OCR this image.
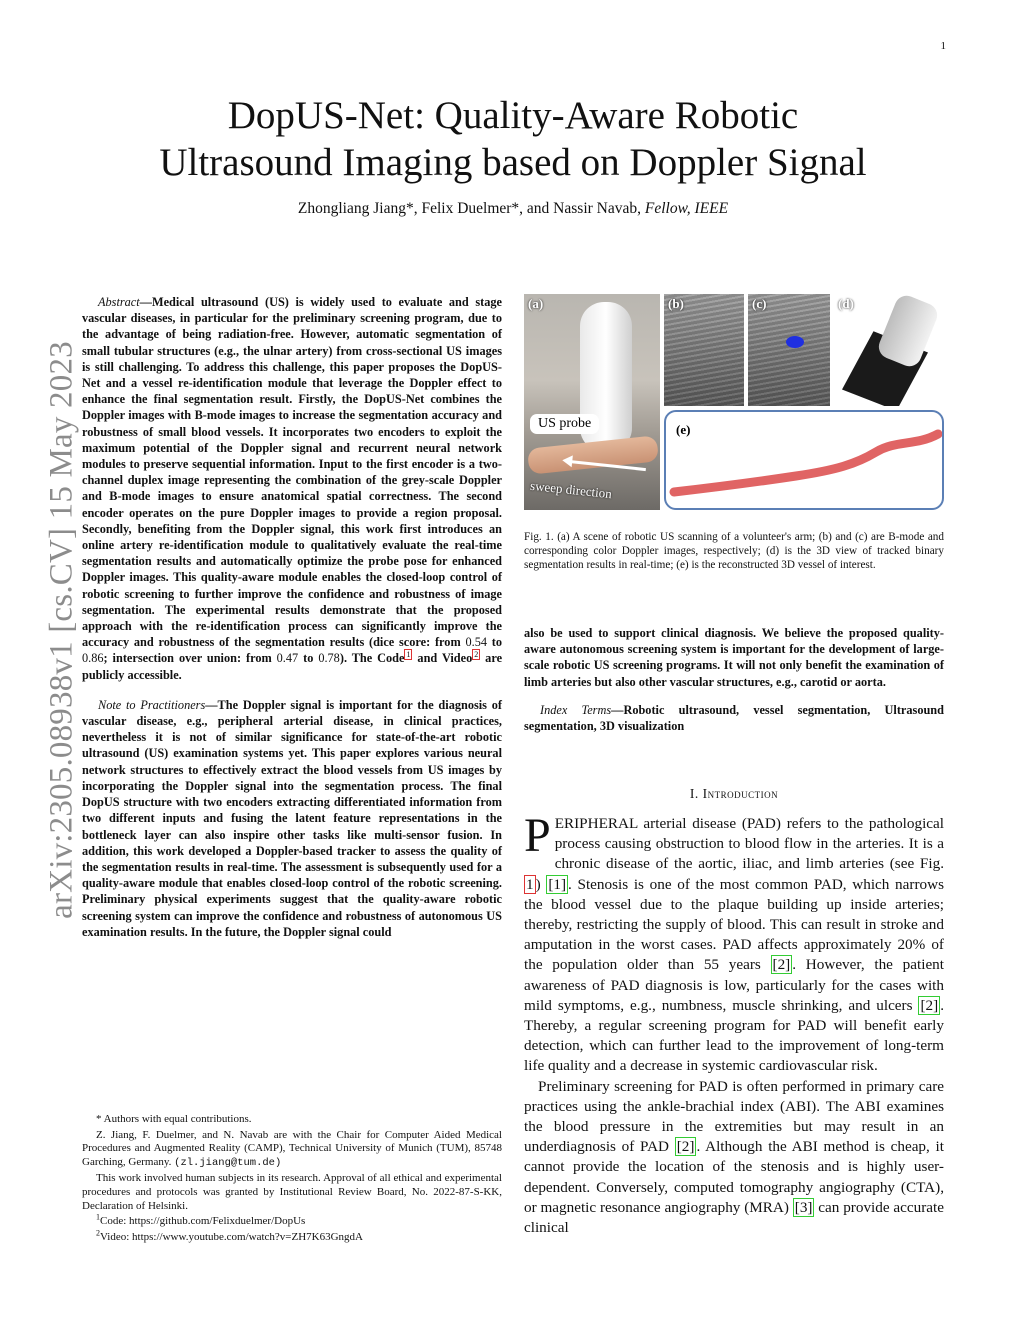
1
arXiv:2305.08938v1 [cs.CV] 15 May 2023
DopUS-Net: Quality-Aware Robotic
Ultrasound Imaging based on Doppler Signal
Zhongliang Jiang*, Felix Duelmer*, and Nassir Navab, Fellow, IEEE

Abstract—Medical ultrasound (US) is widely used to evaluate and stage vascular diseases, in particular for the preliminary screening program, due to the advantage of being radiation-free. However, automatic segmentation of small tubular structures (e.g., the ulnar artery) from cross-sectional US images is still challenging. To address this challenge, this paper proposes the DopUS-Net and a vessel re-identification module that leverage the Doppler effect to enhance the final segmentation result. Firstly, the DopUS-Net combines the Doppler images with B-mode images to increase the segmentation accuracy and robustness of small blood vessels. It incorporates two encoders to exploit the maximum potential of the Doppler signal and recurrent neural network modules to preserve sequential information. Input to the first encoder is a two-channel duplex image representing the combination of the grey-scale Doppler and B-mode images to ensure anatomical spatial correctness. The second encoder operates on the pure Doppler images to provide a region proposal. Secondly, benefiting from the Doppler signal, this work first introduces an online artery re-identification module to qualitatively evaluate the real-time segmentation results and automatically optimize the probe pose for enhanced Doppler images. This quality-aware module enables the closed-loop control of robotic screening to further improve the confidence and robustness of image segmentation. The experimental results demonstrate that the proposed approach with the re-identification process can significantly improve the accuracy and robustness of the segmentation results (dice score: from 0.54 to 0.86; intersection over union: from 0.47 to 0.78). The Code $^1$ and Video $^2$ are publicly accessible.

Note to Practitioners—The Doppler signal is important for the diagnosis of vascular disease, e.g., peripheral arterial disease, in clinical practices, nevertheless it is not of similar significance for state-of-the-art robotic ultrasound (US) examination systems yet. This paper explores various neural network structures to effectively extract the blood vessels from US images by incorporating the Doppler signal into the segmentation process. The final DopUS structure with two encoders extracting differentiated information from two different inputs and fusing the latent feature representations in the bottleneck layer can also inspire other tasks like multi-sensor fusion. In addition, this work developed a Doppler-based tracker to assess the quality of the segmentation results in real-time. The assessment is subsequently used for a quality-aware module that enables closed-loop control of the robotic screening. Preliminary physical experiments suggest that the quality-aware robotic screening system can improve the confidence and robustness of autonomous US examination results. In the future, the Doppler signal could

* Authors with equal contributions.

Z. Jiang, F. Duelmer, and N. Navab are with the Chair for Computer Aided Medical Procedures and Augmented Reality (CAMP), Technical University of Munich (TUM), 85748 Garching, Germany. (zl.jiang@tum.de)

This work involved human subjects in its research. Approval of all ethical and experimental procedures and protocols was granted by Institutional Review Board, No. 2022-87-S-KK, Declaration of Helsinki.

$^1$Code: https://github.com/Felixduelmer/DopUs

$^2$Video: https://www.youtube.com/watch?v=ZH7K63GngdA

US probe
sweep direction
(a)	(b)	(c)	(d)
(e)
Fig. 1. (a) A scene of robotic US scanning of a volunteer's arm; (b) and (c) are B-mode and corresponding color Doppler images, respectively; (d) is the 3D view of tracked binary segmentation results in real-time; (e) is the reconstructed 3D vessel of interest.

also be used to support clinical diagnosis. We believe the proposed quality-aware autonomous screening system is important for the development of large-scale robotic US screening programs. It will not only benefit the examination of limb arteries but also other vascular structures, e.g., carotid or aorta.

Index Terms—Robotic ultrasound, vessel segmentation, Ultrasound segmentation, 3D visualization

I. Introduction

PERIPHERAL arterial disease (PAD) refers to the pathological process causing obstruction to blood flow in the arteries. It is a chronic disease of the aortic, iliac, and limb arteries (see Fig. 1 ) [1] . Stenosis is one of the most common PAD, which narrows the blood vessel due to the plaque building up inside arteries; thereby, restricting the supply of blood. This can result in stroke and amputation in the worst cases. PAD affects approximately 20% of the population older than 55 years [2] . However, the patient awareness of PAD diagnosis is low, particularly for the cases with mild symptoms, e.g., numbness, muscle shrinking, and ulcers [2] . Thereby, a regular screening program for PAD will benefit early detection, which can further lead to the improvement of long-term life quality and a decrease in systemic cardiovascular risk.

Preliminary screening for PAD is often performed in primary care practices using the ankle-brachial index (ABI). The ABI examines the blood pressure in the extremities but may result in an underdiagnosis of PAD [2] . Although the ABI method is cheap, it cannot provide the location of the stenosis and is highly user-dependent. Conversely, computed tomography angiography (CTA), or magnetic resonance angiography (MRA) [3] can provide accurate clinical
